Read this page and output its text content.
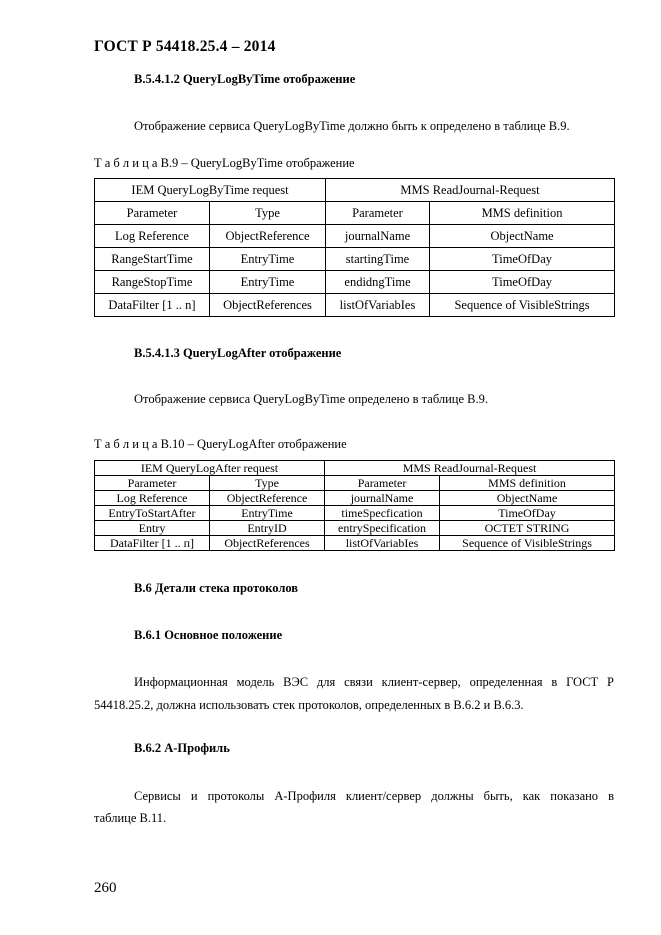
ГОСТ Р 54418.25.4 – 2014
В.5.4.1.2 QueryLogByTime отображение
Отображение сервиса QueryLogByTime должно быть к определено в таблице В.9.
Т а б л и ц а В.9 – QueryLogByTime отображение
IEM QueryLogByTime request		MMS ReadJournal-Request	
Parameter	Type	Parameter	MMS definition
Log Reference	ObjectReference	journalName	ObjectName
RangeStartTime	EntryTime	startingTime	TimeOfDay
RangeStopTime	EntryTime	endidngTime	TimeOfDay
DataFilter [1 .. n]	ObjectReferences	listOfVariabIes	Sequence of VisibleStrings
В.5.4.1.3 QueryLogAfter отображение
Отображение сервиса QueryLogByTime определено в таблице В.9.
Т а б л и ц а В.10 – QueryLogAfter отображение
IEM QueryLogAfter request		MMS ReadJournal-Request	
Parameter	Type	Parameter	MMS definition
Log Reference	ObjectReference	journalName	ObjectName
EntryToStartAfter	EntryTime	timeSpecfication	TimeOfDay
Entry	EntryID	entrySpecification	OCTET STRING
DataFilter [1 .. п]	ObjectReferences	listOfVariabIes	Sequence of VisibleStrings
В.6 Детали стека протоколов
В.6.1 Основное положение
Информационная модель ВЭС для связи клиент-сервер, определенная в ГОСТ Р
54418.25.2, должна использовать стек протоколов, определенных в В.6.2 и В.6.3.
В.6.2 А-Профиль
Сервисы и протоколы А-Профиля клиент/сервер должны быть, как показано в
таблице В.11.
260
